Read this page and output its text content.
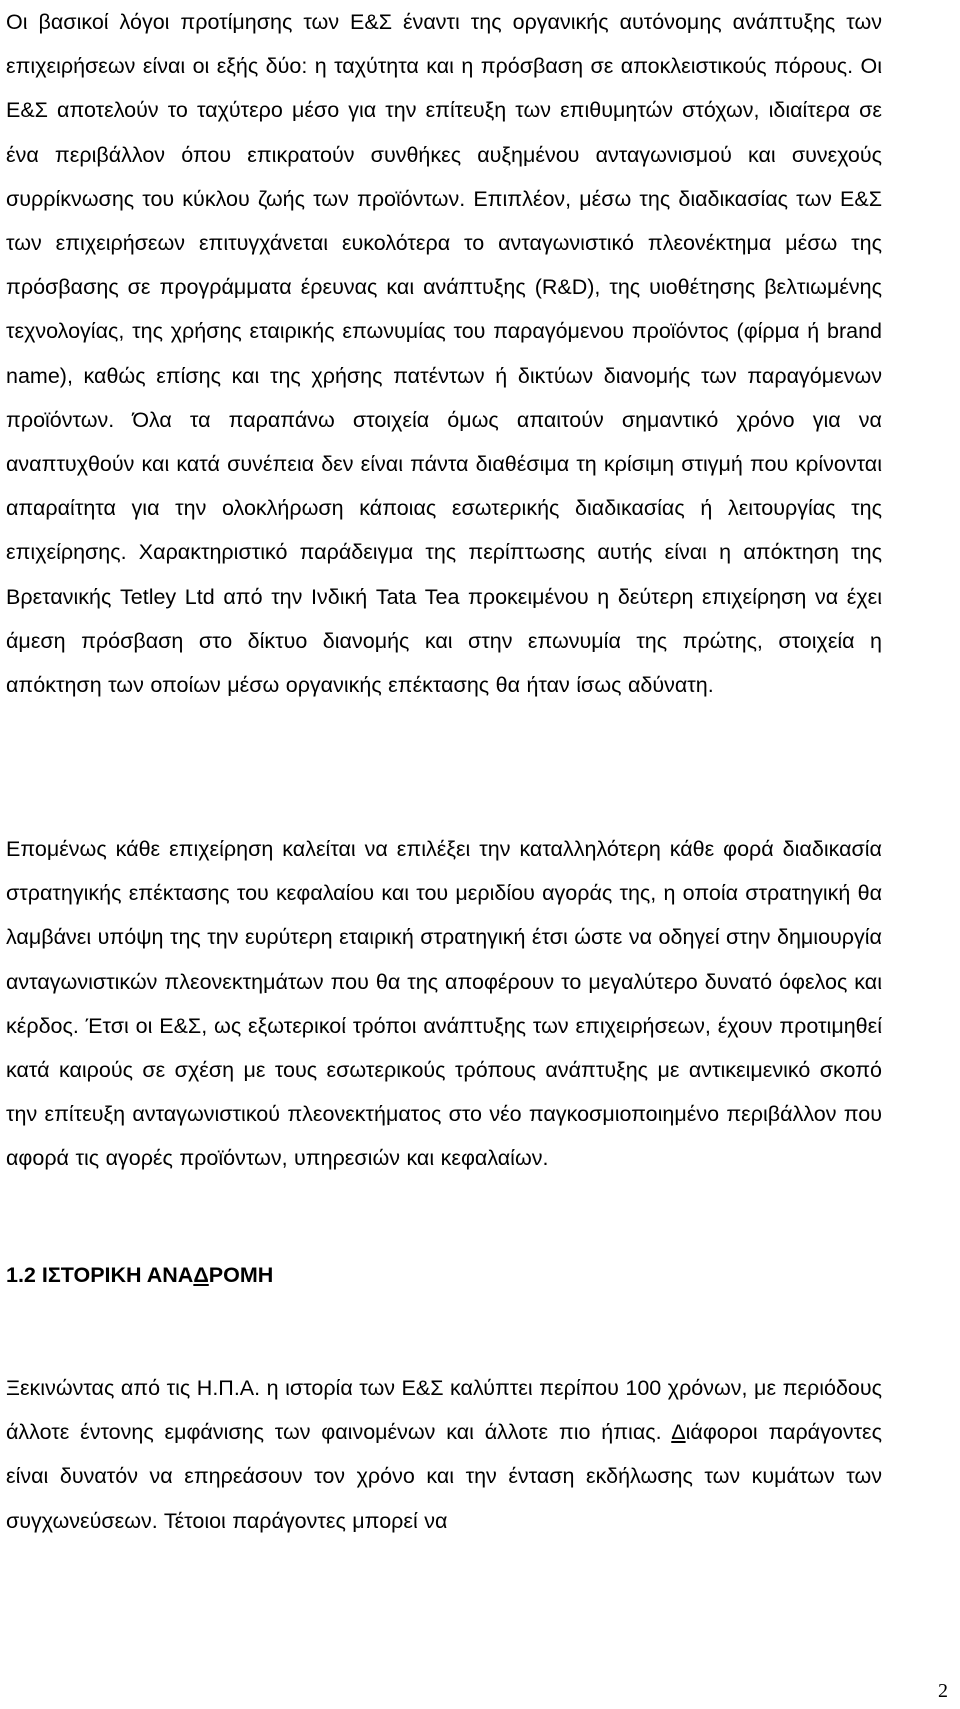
Οι βασικοί λόγοι προτίμησης των Ε&Σ έναντι της οργανικής αυτόνομης ανάπτυξης των επιχειρήσεων είναι οι εξής δύο: η ταχύτητα και η πρόσβαση σε αποκλειστικούς πόρους. Οι Ε&Σ αποτελούν το ταχύτερο μέσο για την επίτευξη των επιθυμητών στόχων, ιδιαίτερα σε ένα περιβάλλον όπου επικρατούν συνθήκες αυξημένου ανταγωνισμού και συνεχούς συρρίκνωσης του κύκλου ζωής των προϊόντων. Επιπλέον, μέσω της διαδικασίας των Ε&Σ των επιχειρήσεων επιτυγχάνεται ευκολότερα το ανταγωνιστικό πλεονέκτημα μέσω της πρόσβασης σε προγράμματα έρευνας και ανάπτυξης (R&D), της υιοθέτησης βελτιωμένης τεχνολογίας, της χρήσης εταιρικής επωνυμίας του παραγόμενου προϊόντος (φίρμα ή brand name), καθώς επίσης και της χρήσης πατέντων ή δικτύων διανομής των παραγόμενων προϊόντων. Όλα τα παραπάνω στοιχεία όμως απαιτούν σημαντικό χρόνο για να αναπτυχθούν και κατά συνέπεια δεν είναι πάντα διαθέσιμα τη κρίσιμη στιγμή που κρίνονται απαραίτητα για την ολοκλήρωση κάποιας εσωτερικής διαδικασίας ή λειτουργίας της επιχείρησης. Χαρακτηριστικό παράδειγμα της περίπτωσης αυτής είναι η απόκτηση της Βρετανικής Tetley Ltd από την Ινδική Tata Tea προκειμένου η δεύτερη επιχείρηση να έχει άμεση πρόσβαση στο δίκτυο διανομής και στην επωνυμία της πρώτης, στοιχεία η απόκτηση των οποίων μέσω οργανικής επέκτασης θα ήταν ίσως αδύνατη.

Επομένως κάθε επιχείρηση καλείται να επιλέξει την καταλληλότερη κάθε φορά διαδικασία στρατηγικής επέκτασης του κεφαλαίου και του μεριδίου αγοράς της, η οποία στρατηγική θα λαμβάνει υπόψη της την ευρύτερη εταιρική στρατηγική έτσι ώστε να οδηγεί στην δημιουργία ανταγωνιστικών πλεονεκτημάτων που θα της αποφέρουν το μεγαλύτερο δυνατό όφελος και κέρδος. Έτσι οι Ε&Σ, ως εξωτερικοί τρόποι ανάπτυξης των επιχειρήσεων, έχουν προτιμηθεί κατά καιρούς σε σχέση με τους εσωτερικούς τρόπους ανάπτυξης με αντικειμενικό σκοπό την επίτευξη ανταγωνιστικού πλεονεκτήματος στο νέο παγκοσμιοποιημένο περιβάλλον που αφορά τις αγορές προϊόντων, υπηρεσιών και κεφαλαίων.

1.2 ΙΣΤΟΡΙΚΗ ΑΝΑΔΡΟΜΗ

Ξεκινώντας από τις Η.Π.Α. η ιστορία των Ε&Σ καλύπτει περίπου 100 χρόνων, με περιόδους άλλοτε έντονης εμφάνισης των φαινομένων και άλλοτε πιο ήπιας. Διάφοροι παράγοντες είναι δυνατόν να επηρεάσουν τον χρόνο και την ένταση εκδήλωσης των κυμάτων των συγχωνεύσεων. Τέτοιοι παράγοντες μπορεί να

2
